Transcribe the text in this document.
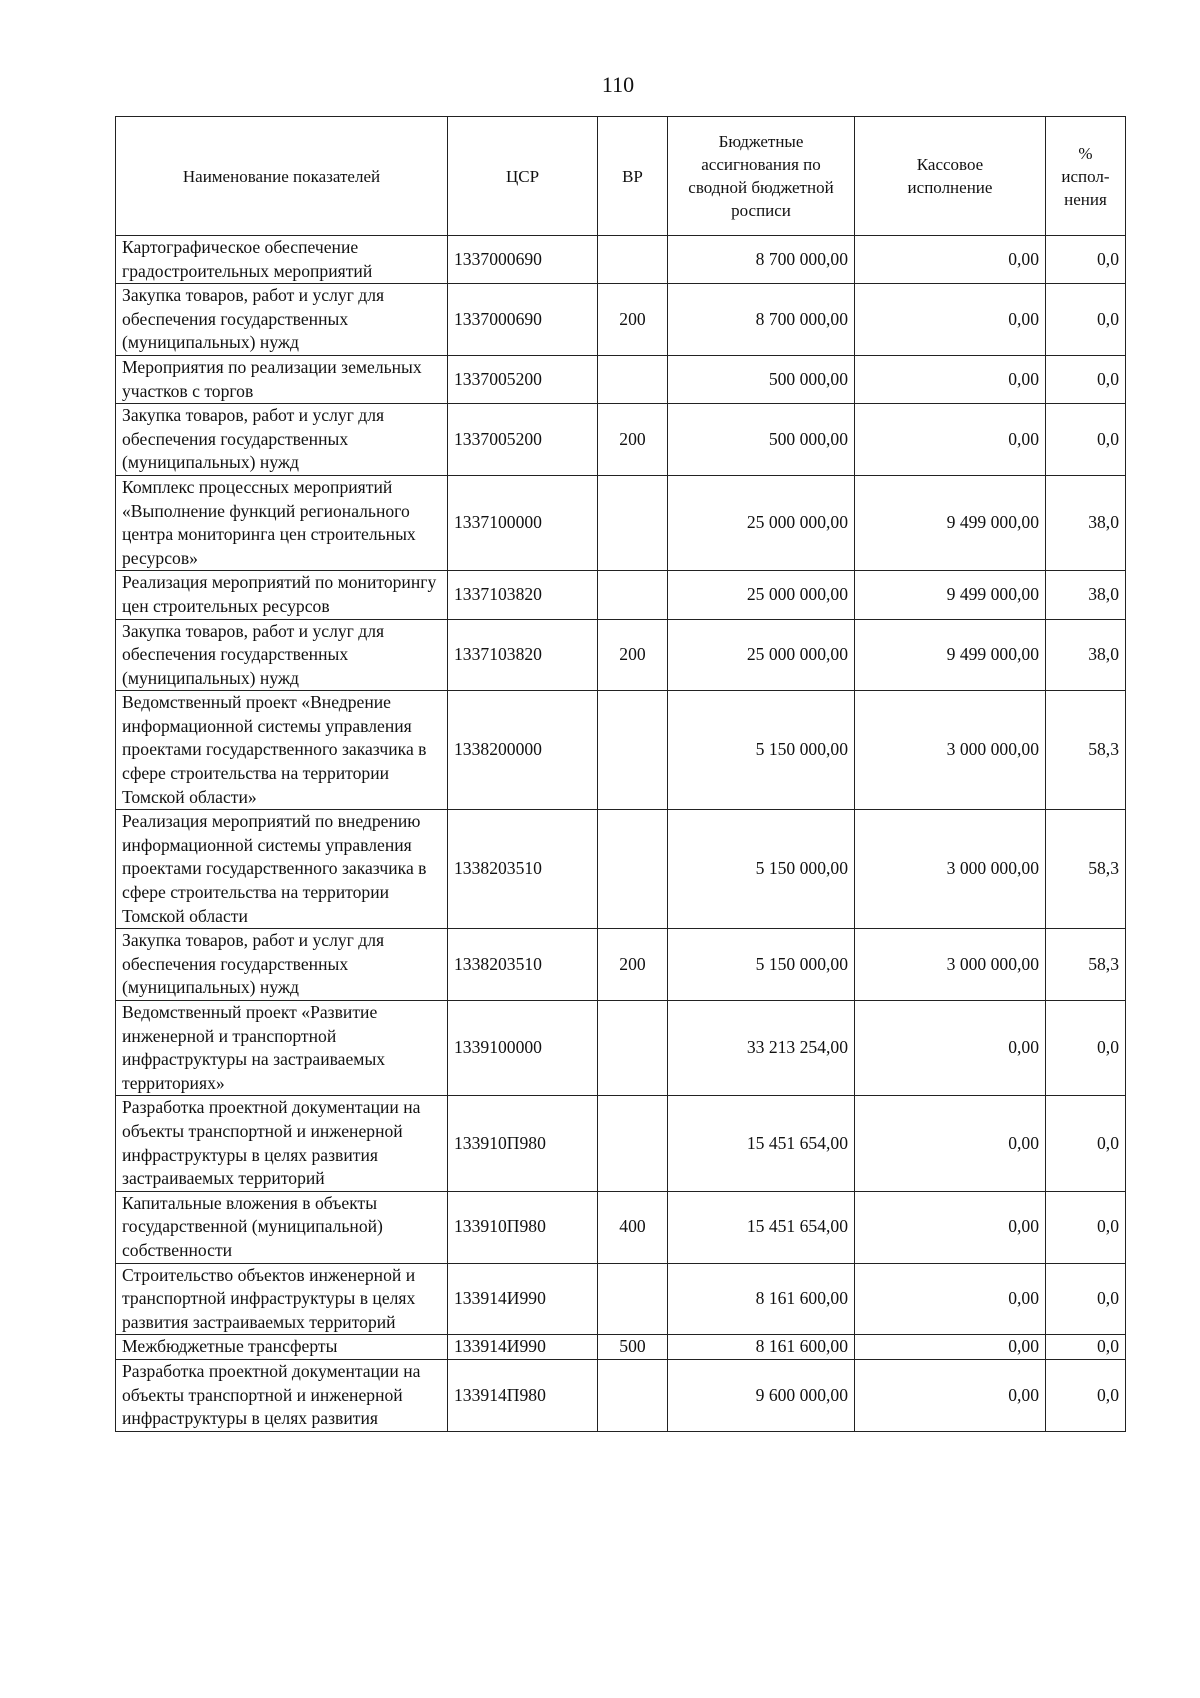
110
Наименование показателей	ЦСР	ВР	Бюджетные ассигнования по сводной бюджетной росписи	Кассовое исполнение	% испол-нения
Картографическое обеспечение градостроительных мероприятий	1337000690		8 700 000,00	0,00	0,0
Закупка товаров, работ и услуг для обеспечения государственных (муниципальных) нужд	1337000690	200	8 700 000,00	0,00	0,0
Мероприятия по реализации земельных участков с торгов	1337005200		500 000,00	0,00	0,0
Закупка товаров, работ и услуг для обеспечения государственных (муниципальных) нужд	1337005200	200	500 000,00	0,00	0,0
Комплекс процессных мероприятий «Выполнение функций регионального центра мониторинга цен строительных ресурсов»	1337100000		25 000 000,00	9 499 000,00	38,0
Реализация мероприятий по мониторингу цен строительных ресурсов	1337103820		25 000 000,00	9 499 000,00	38,0
Закупка товаров, работ и услуг для обеспечения государственных (муниципальных) нужд	1337103820	200	25 000 000,00	9 499 000,00	38,0
Ведомственный проект «Внедрение информационной системы управления проектами государственного заказчика в сфере строительства на территории Томской области»	1338200000		5 150 000,00	3 000 000,00	58,3
Реализация мероприятий по внедрению информационной системы управления проектами государственного заказчика в сфере строительства на территории Томской области	1338203510		5 150 000,00	3 000 000,00	58,3
Закупка товаров, работ и услуг для обеспечения государственных (муниципальных) нужд	1338203510	200	5 150 000,00	3 000 000,00	58,3
Ведомственный проект «Развитие инженерной и транспортной инфраструктуры на застраиваемых территориях»	1339100000		33 213 254,00	0,00	0,0
Разработка проектной документации на объекты транспортной и инженерной инфраструктуры в целях развития застраиваемых территорий	133910П980		15 451 654,00	0,00	0,0
Капитальные вложения в объекты государственной (муниципальной) собственности	133910П980	400	15 451 654,00	0,00	0,0
Строительство объектов инженерной и транспортной инфраструктуры в целях развития застраиваемых территорий	133914И990		8 161 600,00	0,00	0,0
Межбюджетные трансферты	133914И990	500	8 161 600,00	0,00	0,0
Разработка проектной документации на объекты транспортной и инженерной инфраструктуры в целях развития	133914П980		9 600 000,00	0,00	0,0
